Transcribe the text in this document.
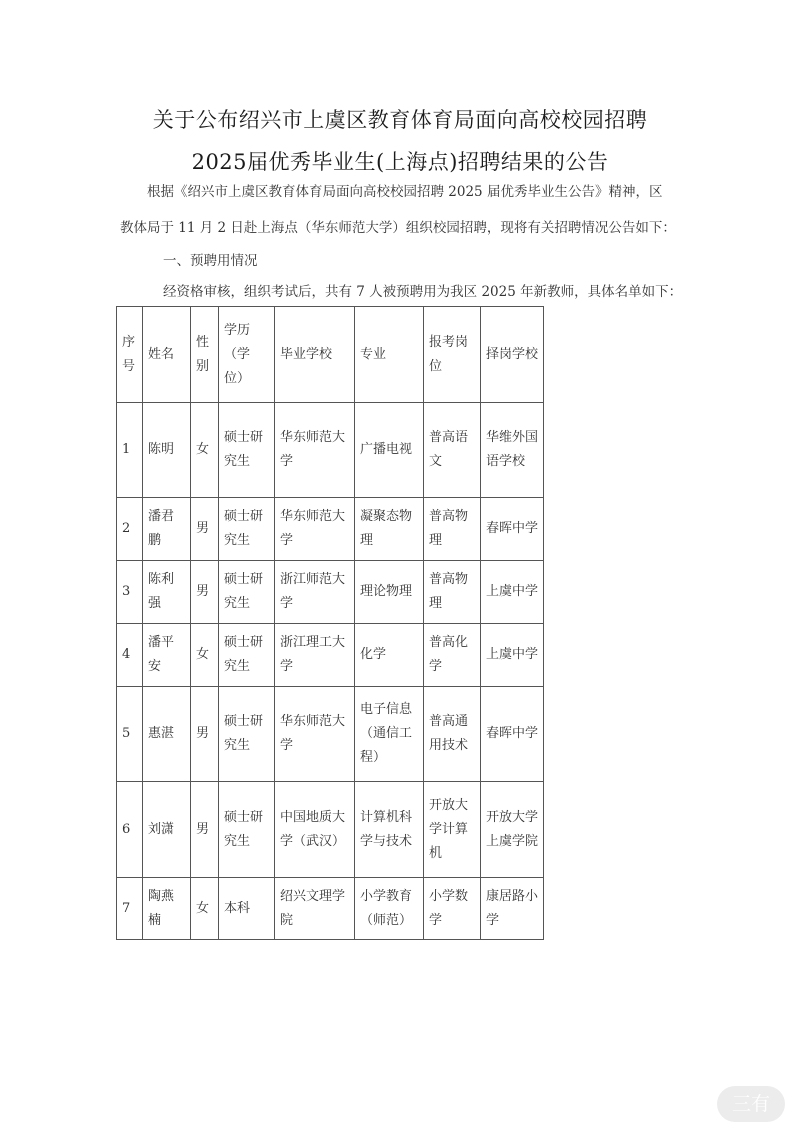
关于公布绍兴市上虞区教育体育局面向高校校园招聘
2025届优秀毕业生(上海点)招聘结果的公告
根据《绍兴市上虞区教育体育局面向高校校园招聘 2025 届优秀毕业生公告》精神，区
教体局于 11 月 2 日赴上海点（华东师范大学）组织校园招聘，现将有关招聘情况公告如下：
一、预聘用情况
经资格审核，组织考试后，共有 7 人被预聘用为我区 2025 年新教师，具体名单如下：
序号	姓名	性别	学历（学位）	毕业学校	专业	报考岗位	择岗学校

1	陈明	女	硕士研究生	华东师范大学	广播电视	普高语文	华维外国语学校

2	潘君鹏	男	硕士研究生	华东师范大学	凝聚态物理	普高物理	春晖中学

3	陈利强	男	硕士研究生	浙江师范大学	理论物理	普高物理	上虞中学

4	潘平安	女	硕士研究生	浙江理工大学	化学	普高化学	上虞中学

5	惠湛	男	硕士研究生	华东师范大学	电子信息（通信工程）	普高通用技术	春晖中学

6	刘潇	男	硕士研究生	中国地质大学（武汉）	计算机科学与技术	开放大学计算机	开放大学上虞学院

7	陶燕楠	女	本科	绍兴文理学院	小学教育（师范）	小学数学	康居路小学
三有
